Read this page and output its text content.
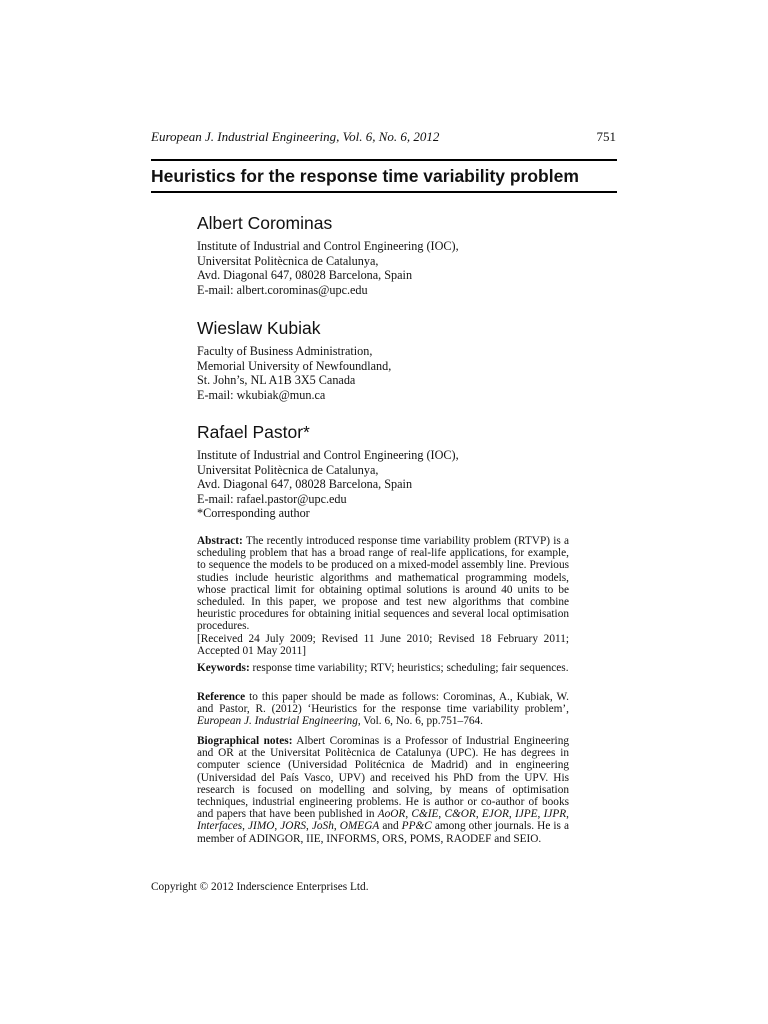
European J. Industrial Engineering, Vol. 6, No. 6, 2012	751
Heuristics for the response time variability problem
Albert Corominas
Institute of Industrial and Control Engineering (IOC),
Universitat Politècnica de Catalunya,
Avd. Diagonal 647, 08028 Barcelona, Spain
E-mail: albert.corominas@upc.edu
Wieslaw Kubiak
Faculty of Business Administration,
Memorial University of Newfoundland,
St. John’s, NL A1B 3X5 Canada
E-mail: wkubiak@mun.ca
Rafael Pastor*
Institute of Industrial and Control Engineering (IOC),
Universitat Politècnica de Catalunya,
Avd. Diagonal 647, 08028 Barcelona, Spain
E-mail: rafael.pastor@upc.edu
*Corresponding author
Abstract: The recently introduced response time variability problem (RTVP) is a scheduling problem that has a broad range of real-life applications, for example, to sequence the models to be produced on a mixed-model assembly line. Previous studies include heuristic algorithms and mathematical programming models, whose practical limit for obtaining optimal solutions is around 40 units to be scheduled. In this paper, we propose and test new algorithms that combine heuristic procedures for obtaining initial sequences and several local optimisation procedures.
[Received 24 July 2009; Revised 11 June 2010; Revised 18 February 2011; Accepted 01 May 2011]
Keywords: response time variability; RTV; heuristics; scheduling; fair sequences.
Reference to this paper should be made as follows: Corominas, A., Kubiak, W. and Pastor, R. (2012) ‘Heuristics for the response time variability problem’, European J. Industrial Engineering, Vol. 6, No. 6, pp.751–764.
Biographical notes: Albert Corominas is a Professor of Industrial Engineering and OR at the Universitat Politècnica de Catalunya (UPC). He has degrees in computer science (Universidad Politécnica de Madrid) and in engineering (Universidad del País Vasco, UPV) and received his PhD from the UPV. His research is focused on modelling and solving, by means of optimisation techniques, industrial engineering problems. He is author or co-author of books and papers that have been published in AoOR, C&IE, C&OR, EJOR, IJPE, IJPR, Interfaces, JIMO, JORS, JoSh, OMEGA and PP&C among other journals. He is a member of ADINGOR, IIE, INFORMS, ORS, POMS, RAODEF and SEIO.
Copyright © 2012 Inderscience Enterprises Ltd.
